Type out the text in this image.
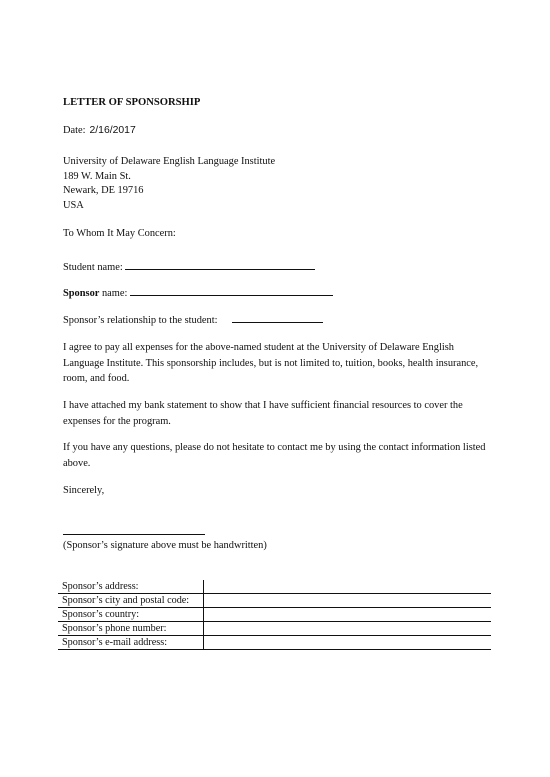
LETTER OF SPONSORSHIP
Date: 2/16/2017
University of Delaware English Language Institute
189 W. Main St.
Newark, DE 19716
USA
To Whom It May Concern:
Student name:
Sponsor name:
Sponsor’s relationship to the student:
I agree to pay all expenses for the above-named student at the University of Delaware English Language Institute. This sponsorship includes, but is not limited to, tuition, books, health insurance, room, and food.
I have attached my bank statement to show that I have sufficient financial resources to cover the expenses for the program.
If you have any questions, please do not hesitate to contact me by using the contact information listed above.
Sincerely,
(Sponsor’s signature above must be handwritten)
Sponsor’s address:	
Sponsor’s city and postal code:	
Sponsor’s country:	
Sponsor’s phone number:	
Sponsor’s e-mail address:	
